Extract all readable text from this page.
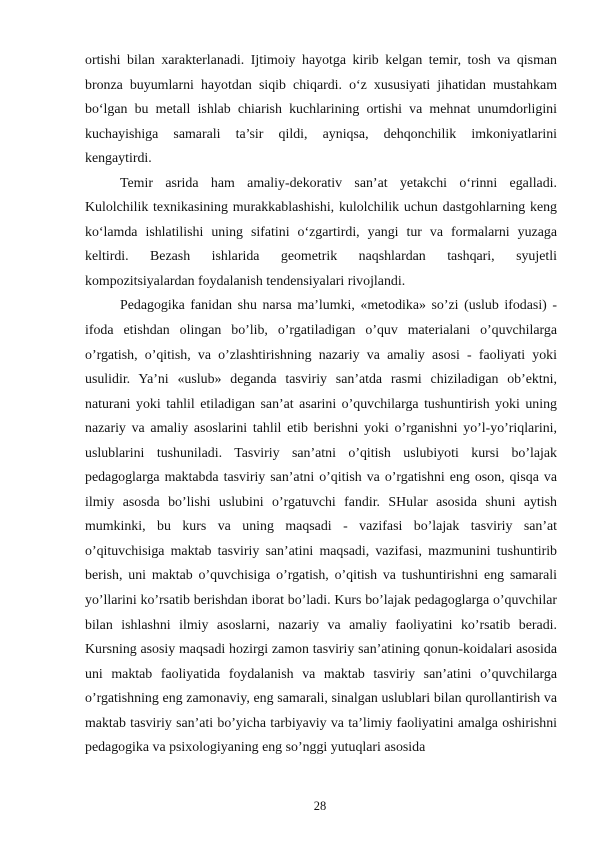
ortishi bilan xarakterlanadi. Ijtimoiy hayotga kirib kelgan temir, tosh va qisman bronza buyumlarni hayotdan siqib chiqardi. o‘z xususiyati jihatidan mustahkam bo‘lgan bu metall ishlab chiarish kuchlarining ortishi va mehnat unumdorligini kuchayishiga samarali ta’sir qildi, ayniqsa, dehqonchilik imkoniyatlarini kengaytirdi.

Temir asrida ham amaliy-dekorativ san’at yetakchi o‘rinni egalladi. Kulolchilik texnikasining murakkablashishi, kulolchilik uchun dastgohlarning keng ko‘lamda ishlatilishi uning sifatini o‘zgartirdi, yangi tur va formalarni yuzaga keltirdi. Bezash ishlarida geometrik naqshlardan tashqari, syujetli kompozitsiyalardan foydalanish tendensiyalari rivojlandi.

Pedagogika fanidan shu narsa ma’lumki, «metodika» so’zi (uslub ifodasi) - ifoda etishdan olingan bo’lib, o’rgatiladigan o’quv materialani o’quvchilarga o’rgatish, o’qitish, va o’zlashtirishning nazariy va amaliy asosi - faoliyati yoki usulidir. Ya’ni «uslub» deganda tasviriy san’atda rasmi chiziladigan ob’ektni, naturani yoki tahlil etiladigan san’at asarini o’quvchilarga tushuntirish yoki uning nazariy va amaliy asoslarini tahlil etib berishni yoki o’rganishni yo’l-yo’riqlarini, uslublarini tushuniladi. Tasviriy san’atni o’qitish uslubiyoti kursi bo’lajak pedagoglarga maktabda tasviriy san’atni o’qitish va o’rgatishni eng oson, qisqa va ilmiy asosda bo’lishi uslubini o’rgatuvchi fandir. SHular asosida shuni aytish mumkinki, bu kurs va uning maqsadi - vazifasi bo’lajak tasviriy san’at o’qituvchisiga maktab tasviriy san’atini maqsadi, vazifasi, mazmunini tushuntirib berish, uni maktab o’quvchisiga o’rgatish, o’qitish va tushuntirishni eng samarali yo’llarini ko’rsatib berishdan iborat bo’ladi. Kurs bo’lajak pedagoglarga o’quvchilar bilan ishlashni ilmiy asoslarni, nazariy va amaliy faoliyatini ko’rsatib beradi. Kursning asosiy maqsadi hozirgi zamon tasviriy san’atining qonun-koidalari asosida uni maktab faoliyatida foydalanish va maktab tasviriy san’atini o’quvchilarga o’rgatishning eng zamonaviy, eng samarali, sinalgan uslublari bilan qurollantirish va maktab tasviriy san’ati bo’yicha tarbiyaviy va ta’limiy faoliyatini amalga oshirishni pedagogika va psixologiyaning eng so’nggi yutuqlari asosida

28
